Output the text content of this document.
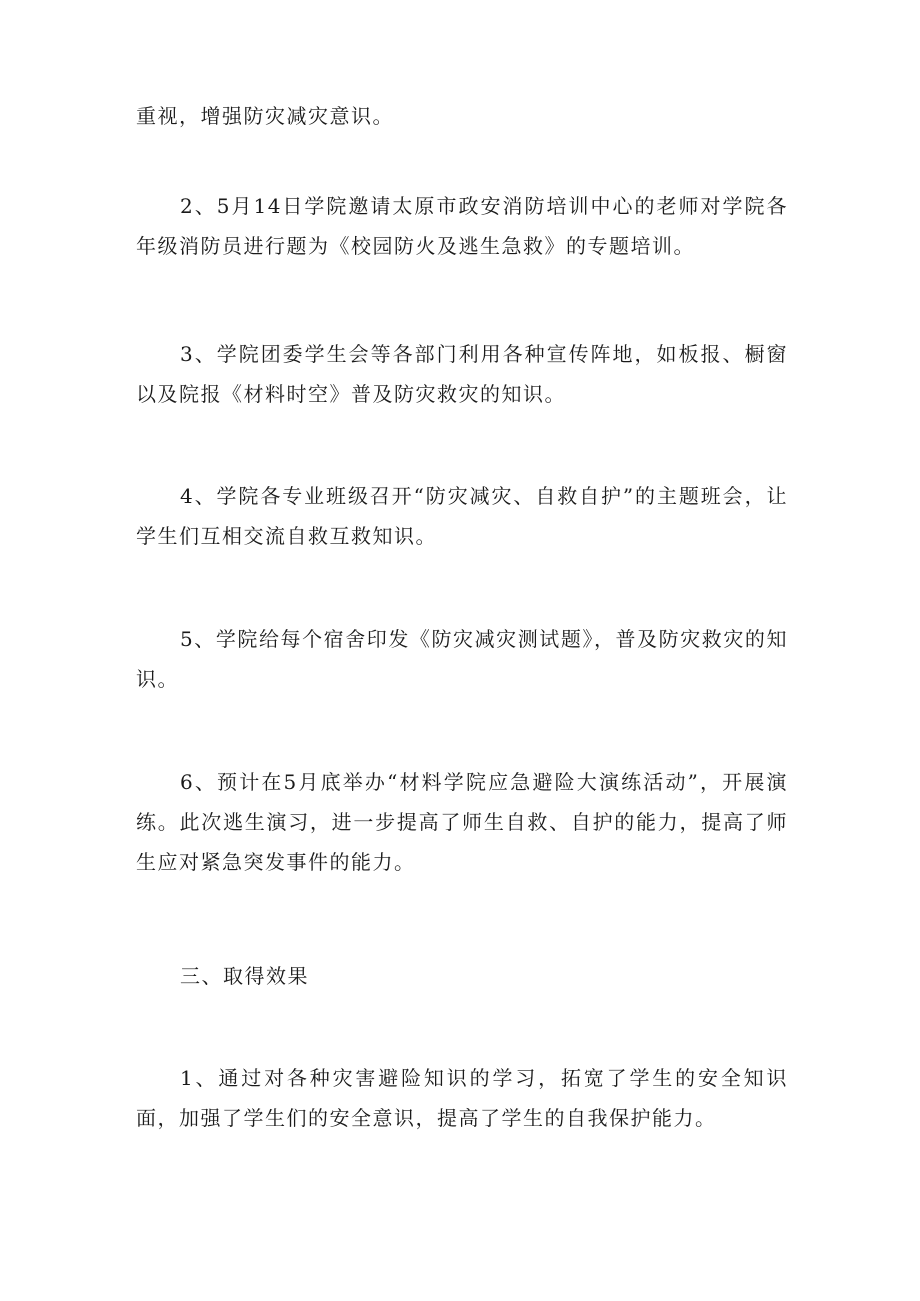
重视，增强防灾减灾意识。

2、5月14日学院邀请太原市政安消防培训中心的老师对学院各年级消防员进行题为《校园防火及逃生急救》的专题培训。

3、学院团委学生会等各部门利用各种宣传阵地，如板报、橱窗以及院报《材料时空》普及防灾救灾的知识。

4、学院各专业班级召开“防灾减灾、自救自护”的主题班会，让学生们互相交流自救互救知识。

5、学院给每个宿舍印发《防灾减灾测试题》，普及防灾救灾的知识。

6、预计在5月底举办“材料学院应急避险大演练活动”，开展演练。此次逃生演习，进一步提高了师生自救、自护的能力，提高了师生应对紧急突发事件的能力。

三、取得效果

1、通过对各种灾害避险知识的学习，拓宽了学生的安全知识面，加强了学生们的安全意识，提高了学生的自我保护能力。
